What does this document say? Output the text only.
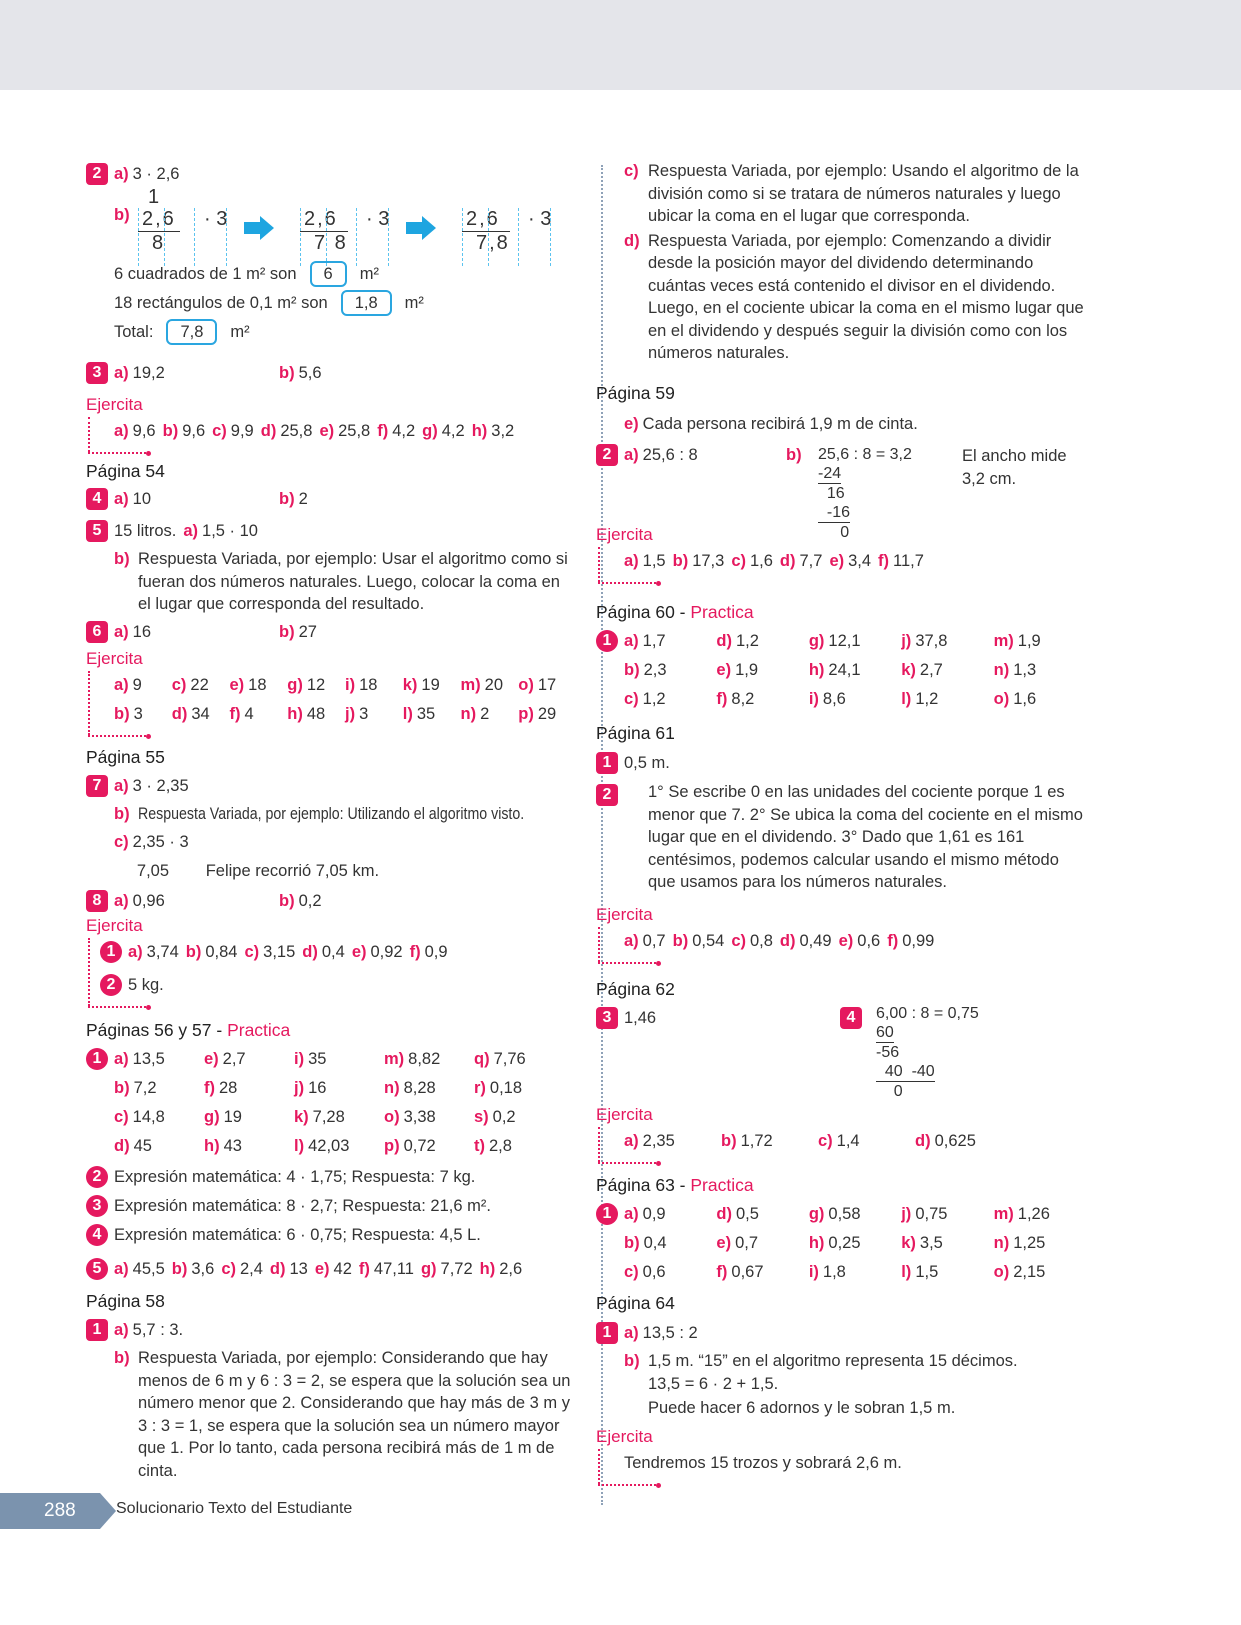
2 a) 3 · 2,6
b)
1
2,6 · 3
8
2,6	· 3
7 8
2,6	· 3
7,8
6 cuadrados de 1 m² son	6	m²
18 rectángulos de 0,1 m² son	1,8	m²
Total:	7,8	m²
3 a) 19,2	b) 5,6
Ejercita
a) 9,6 b) 9,6 c) 9,9 d) 25,8 e) 25,8 f) 4,2 g) 4,2 h) 3,2
Página 54
4 a) 10	b) 2
5 15 litros. a) 1,5 · 10
b) Respuesta Variada, por ejemplo: Usar el algoritmo como si fueran dos números naturales. Luego, colocar la coma en el lugar que corresponda del resultado.
6 a) 16	b) 27
Ejercita
a) 9	c) 22	e) 18	g) 12	i) 18	k) 19	m) 20 o) 17
b) 3	d) 34	f) 4	h) 48	j) 3	l) 35	n) 2	p) 29
Página 55
7 a) 3 · 2,35
b) Respuesta Variada, por ejemplo: Utilizando el algoritmo visto.
c) 2,35 · 3
7,05        Felipe recorrió 7,05 km.
8 a) 0,96	b) 0,2
Ejercita
1 a) 3,74 b) 0,84 c) 3,15 d) 0,4 e) 0,92 f) 0,9
2 5 kg.
Páginas 56 y 57 - Practica
1 a) 13,5	e) 2,7	i) 35	m) 8,82	q) 7,76
b) 7,2	f) 28	j) 16	n) 8,28	r) 0,18
c) 14,8	g) 19	k) 7,28	o) 3,38	s) 0,2
d) 45	h) 43	l) 42,03	p) 0,72	t) 2,8
2 Expresión matemática: 4 · 1,75; Respuesta: 7 kg.
3 Expresión matemática: 8 · 2,7; Respuesta: 21,6 m².
4 Expresión matemática: 6 · 0,75; Respuesta: 4,5 L.
5 a) 45,5 b) 3,6 c) 2,4 d) 13 e) 42 f) 47,11 g) 7,72 h) 2,6
Página 58
1 a) 5,7 : 3.
b) Respuesta Variada, por ejemplo: Considerando que hay menos de 6 m y 6 : 3 = 2, se espera que la solución sea un número menor que 2. Considerando que hay más de 3 m y 3 : 3 = 1, se espera que la solución sea un número mayor que 1. Por lo tanto, cada persona recibirá más de 1 m de cinta.
c) Respuesta Variada, por ejemplo: Usando el algoritmo de la división como si se tratara de números naturales y luego ubicar la coma en el lugar que corresponda.
d) Respuesta Variada, por ejemplo: Comenzando a dividir desde la posición mayor del dividendo determinando cuántas veces está contenido el divisor en el dividendo. Luego, en el cociente ubicar la coma en el mismo lugar que en el dividendo y después seguir la división como con los números naturales.
Página 59
e) Cada persona recibirá 1,9 m de cinta.
2 a) 25,6 : 8	b) 25,6 : 8 = 3,2
-24
16
-16
0
El ancho mide 3,2 cm.
Ejercita
a) 1,5 b) 17,3 c) 1,6 d) 7,7 e) 3,4 f) 11,7
Página 60 - Practica
1 a) 1,7	d) 1,2	g) 12,1	j) 37,8	m) 1,9
b) 2,3	e) 1,9	h) 24,1	k) 2,7	n) 1,3
c) 1,2	f) 8,2	i) 8,6	l) 1,2	o) 1,6
Página 61
1 0,5 m.
2	1° Se escribe 0 en las unidades del cociente porque 1 es menor que 7. 2° Se ubica la coma del cociente en el mismo lugar que en el dividendo. 3° Dado que 1,61 es 161 centésimos, podemos calcular usando el mismo método que usamos para los números naturales.
Ejercita
a) 0,7 b) 0,54 c) 0,8 d) 0,49 e) 0,6 f) 0,99
Página 62
3 1,46	4	6,00 : 8 = 0,75
60
-56
40  -40
0
Ejercita
a) 2,35	b) 1,72	c) 1,4	d) 0,625
Página 63 - Practica
1 a) 0,9	d) 0,5	g) 0,58	j) 0,75	m) 1,26
b) 0,4	e) 0,7	h) 0,25	k) 3,5	n) 1,25
c) 0,6	f) 0,67	i) 1,8	l) 1,5	o) 2,15
Página 64
1 a) 13,5 : 2
b) 1,5 m. “15” en el algoritmo representa 15 décimos.
13,5 = 6 · 2 + 1,5.
Puede hacer 6 adornos y le sobran 1,5 m.
Ejercita
Tendremos 15 trozos y sobrará 2,6 m.
288	Solucionario Texto del Estudiante
